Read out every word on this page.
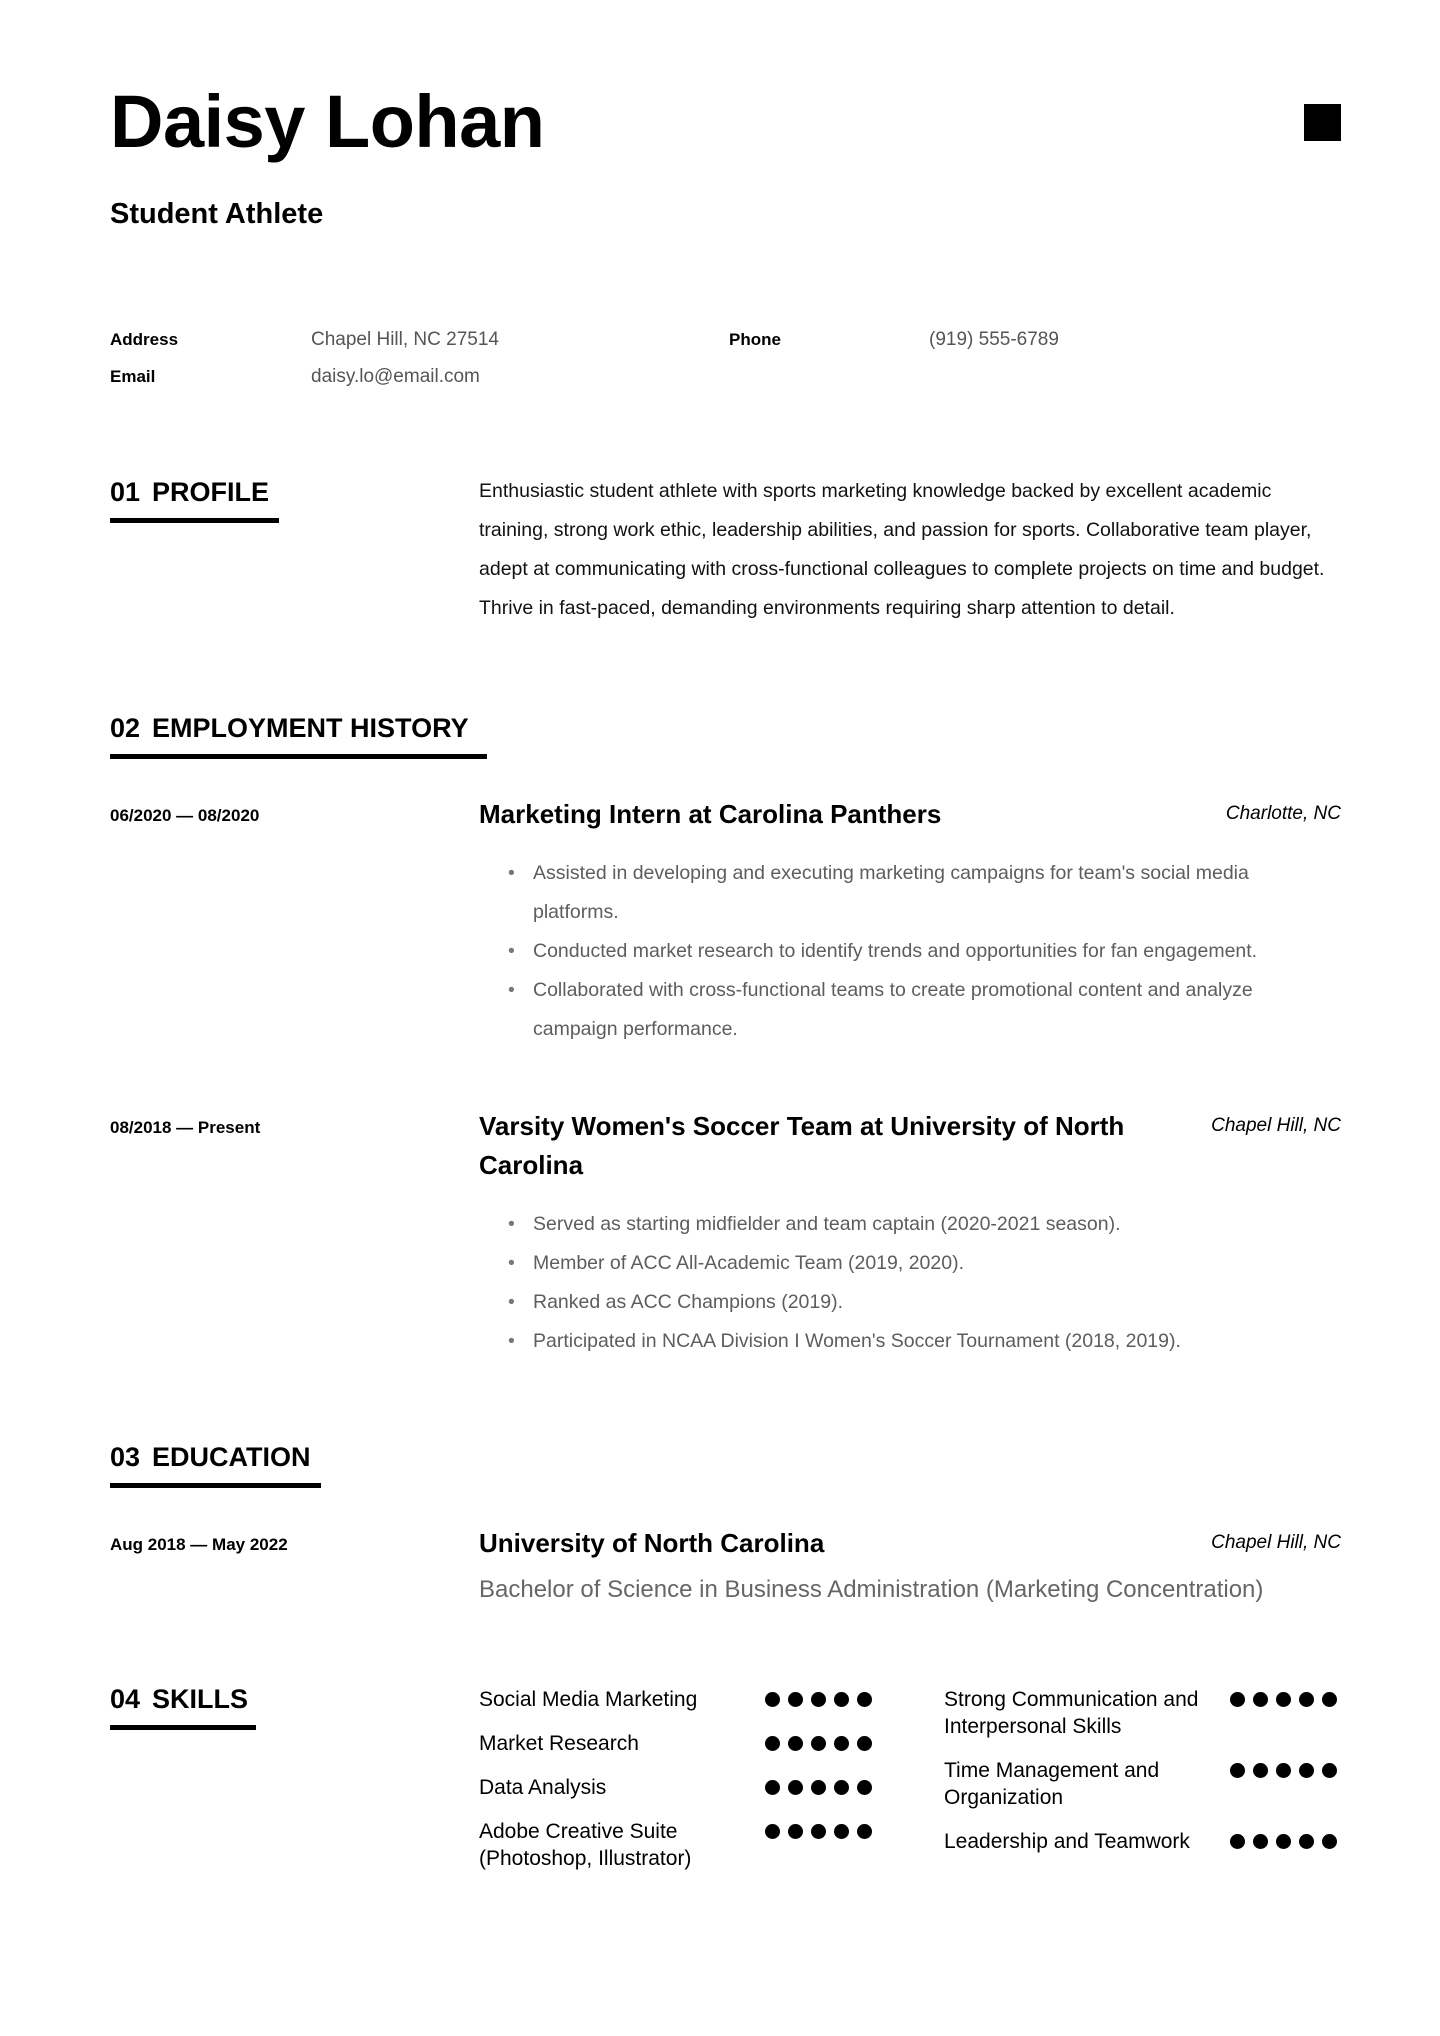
Daisy Lohan
Student Athlete
Address	Chapel Hill, NC 27514	Phone	(919) 555-6789
Email	daisy.lo@email.com
01 PROFILE	Enthusiastic student athlete with sports marketing knowledge backed by excellent academic training, strong work ethic, leadership abilities, and passion for sports. Collaborative team player, adept at communicating with cross-functional colleagues to complete projects on time and budget. Thrive in fast-paced, demanding environments requiring sharp attention to detail.

02 EMPLOYMENT HISTORY
06/2020 — 08/2020	Marketing Intern at Carolina Panthers	Charlotte, NC
• Assisted in developing and executing marketing campaigns for team's social media platforms.
• Conducted market research to identify trends and opportunities for fan engagement.
• Collaborated with cross-functional teams to create promotional content and analyze campaign performance.
08/2018 — Present	Varsity Women's Soccer Team at University of North Carolina
Chapel Hill, NC
• Served as starting midfielder and team captain (2020-2021 season).
• Member of ACC All-Academic Team (2019, 2020).
• Ranked as ACC Champions (2019).
• Participated in NCAA Division I Women's Soccer Tournament (2018, 2019).
03 EDUCATION
Aug 2018 — May 2022	University of North Carolina	Chapel Hill, NC
Bachelor of Science in Business Administration (Marketing Concentration)
04 SKILLS	Social Media Marketing
Market Research
Data Analysis
Adobe Creative Suite (Photoshop, Illustrator)
Strong Communication and Interpersonal Skills
Time Management and Organization
Leadership and Teamwork
